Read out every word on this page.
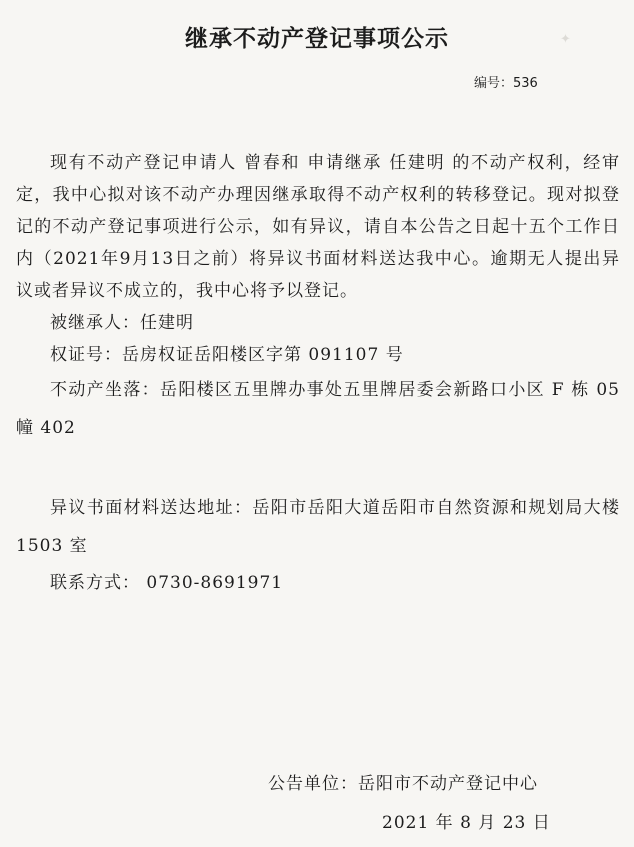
✦
继承不动产登记事项公示
编号：536

现有不动产登记申请人 曾春和 申请继承 任建明 的不动产权利，经审定，我中心拟对该不动产办理因继承取得不动产权利的转移登记。现对拟登记的不动产登记事项进行公示，如有异议，请自本公告之日起十五个工作日内（2021年9月13日之前）将异议书面材料送达我中心。逾期无人提出异议或者异议不成立的，我中心将予以登记。

被继承人：任建明

权证号：岳房权证岳阳楼区字第 091107 号

不动产坐落：岳阳楼区五里牌办事处五里牌居委会新路口小区 F 栋 05 幢 402

异议书面材料送达地址：岳阳市岳阳大道岳阳市自然资源和规划局大楼 1503 室

联系方式： 0730-8691971

公告单位：岳阳市不动产登记中心
2021 年 8 月 23 日
